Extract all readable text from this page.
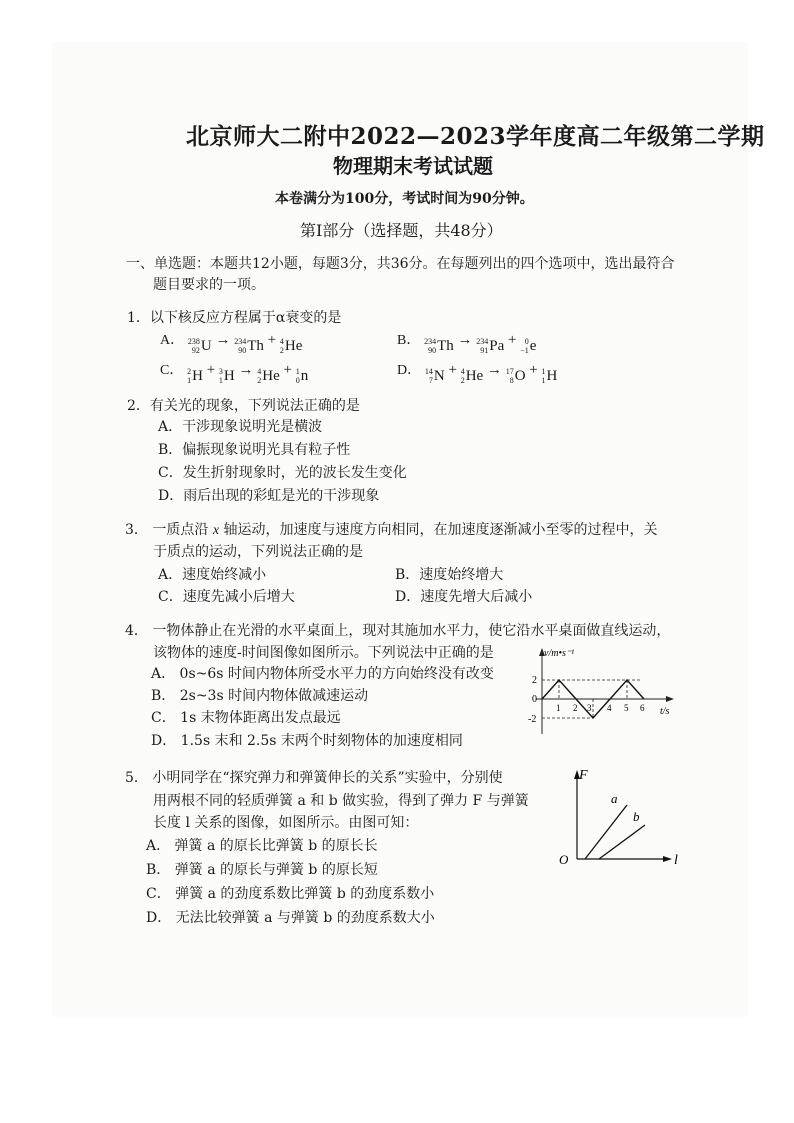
北京师大二附中2022—2023学年度高二年级第二学期
物理期末考试试题
本卷满分为100分，考试时间为90分钟。
第Ⅰ部分（选择题，共48分）
一、单选题：本题共12小题，每题3分，共36分。在每题列出的四个选项中，选出最符合
题目要求的一项。
1．以下核反应方程属于α衰变的是
A． 238
92 U → 234
90 Th + 4
2 He	B． 234
90 Th → 234
91 Pa + 0
−1 e
C． 2
1 H + 3
1 H → 4
2 He + 1
0 n	D． 14
7 N + 4
2 He → 17
8 O + 1
1 H
2．有关光的现象，下列说法正确的是
A．干涉现象说明光是横波
B．偏振现象说明光具有粒子性
C．发生折射现象时，光的波长发生变化
D．雨后出现的彩虹是光的干涉现象
3． 一质点沿 x 轴运动，加速度与速度方向相同，在加速度逐渐减小至零的过程中，关
于质点的运动，下列说法正确的是
A．速度始终减小	B．速度始终增大
C．速度先减小后增大	D．速度先增大后减小
4． 一物体静止在光滑的水平桌面上，现对其施加水平力，使它沿水平桌面做直线运动，
该物体的速度-时间图像如图所示。下列说法中正确的是
A． 0s~6s 时间内物体所受水平力的方向始终没有改变
B． 2s~3s 时间内物体做减速运动
C． 1s 末物体距离出发点最远
D． 1.5s 末和 2.5s 末两个时刻物体的加速度相同
v/m•s⁻¹
t/s
2
0
-2
1 2 3 4 5 6
5． 小明同学在“探究弹力和弹簧伸长的关系”实验中，分别使
用两根不同的轻质弹簧 a 和 b 做实验，得到了弹力 F 与弹簧
长度 l 关系的图像，如图所示。由图可知：
A． 弹簧 a 的原长比弹簧 b 的原长长
B． 弹簧 a 的原长与弹簧 b 的原长短
C． 弹簧 a 的劲度系数比弹簧 b 的劲度系数小
D． 无法比较弹簧 a 与弹簧 b 的劲度系数大小
F
l
O
a
b
